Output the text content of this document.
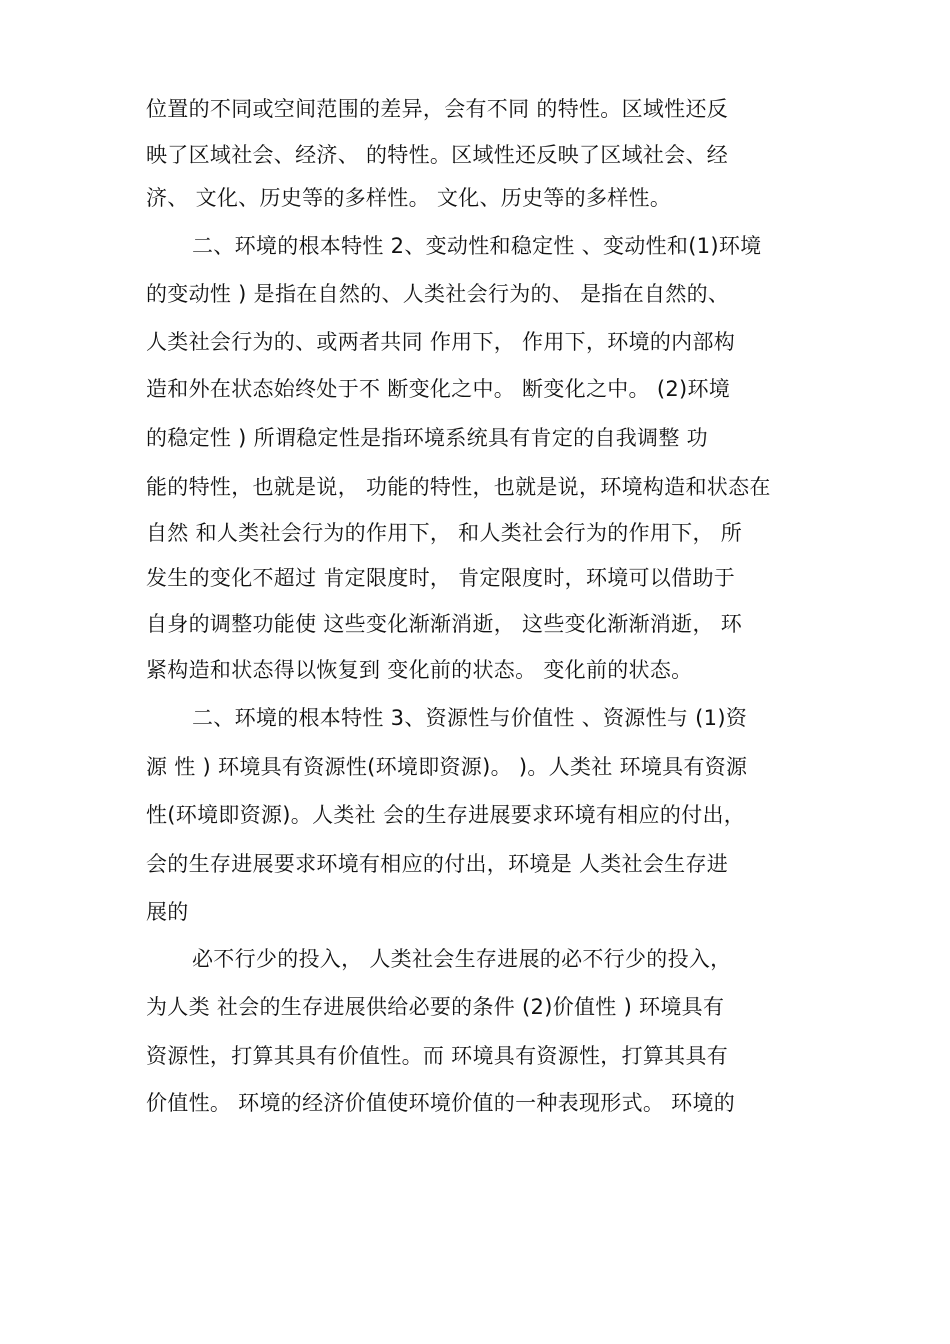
位置的不同或空间范围的差异，会有不同 的特性。区域性还反
映了区域社会、经济、 的特性。区域性还反映了区域社会、经
济、 文化、历史等的多样性。 文化、历史等的多样性。
二、环境的根本特性 2、变动性和稳定性 、变动性和(1)环境
的变动性 ) 是指在自然的、人类社会行为的、 是指在自然的、
人类社会行为的、或两者共同 作用下， 作用下，环境的内部构
造和外在状态始终处于不 断变化之中。 断变化之中。 (2)环境
的稳定性 ) 所谓稳定性是指环境系统具有肯定的自我调整 功
能的特性，也就是说， 功能的特性，也就是说，环境构造和状态在
自然 和人类社会行为的作用下， 和人类社会行为的作用下， 所
发生的变化不超过 肯定限度时， 肯定限度时，环境可以借助于
自身的调整功能使 这些变化渐渐消逝， 这些变化渐渐消逝， 环
紧构造和状态得以恢复到 变化前的状态。 变化前的状态。
二、环境的根本特性 3、资源性与价值性 、资源性与 (1)资
源 性 ) 环境具有资源性(环境即资源)。 )。人类社 环境具有资源
性(环境即资源)。人类社 会的生存进展要求环境有相应的付出，
会的生存进展要求环境有相应的付出，环境是 人类社会生存进
展的
必不行少的投入， 人类社会生存进展的必不行少的投入，
为人类 社会的生存进展供给必要的条件 (2)价值性 ) 环境具有
资源性，打算其具有价值性。而 环境具有资源性，打算其具有
价值性。 环境的经济价值使环境价值的一种表现形式。 环境的
